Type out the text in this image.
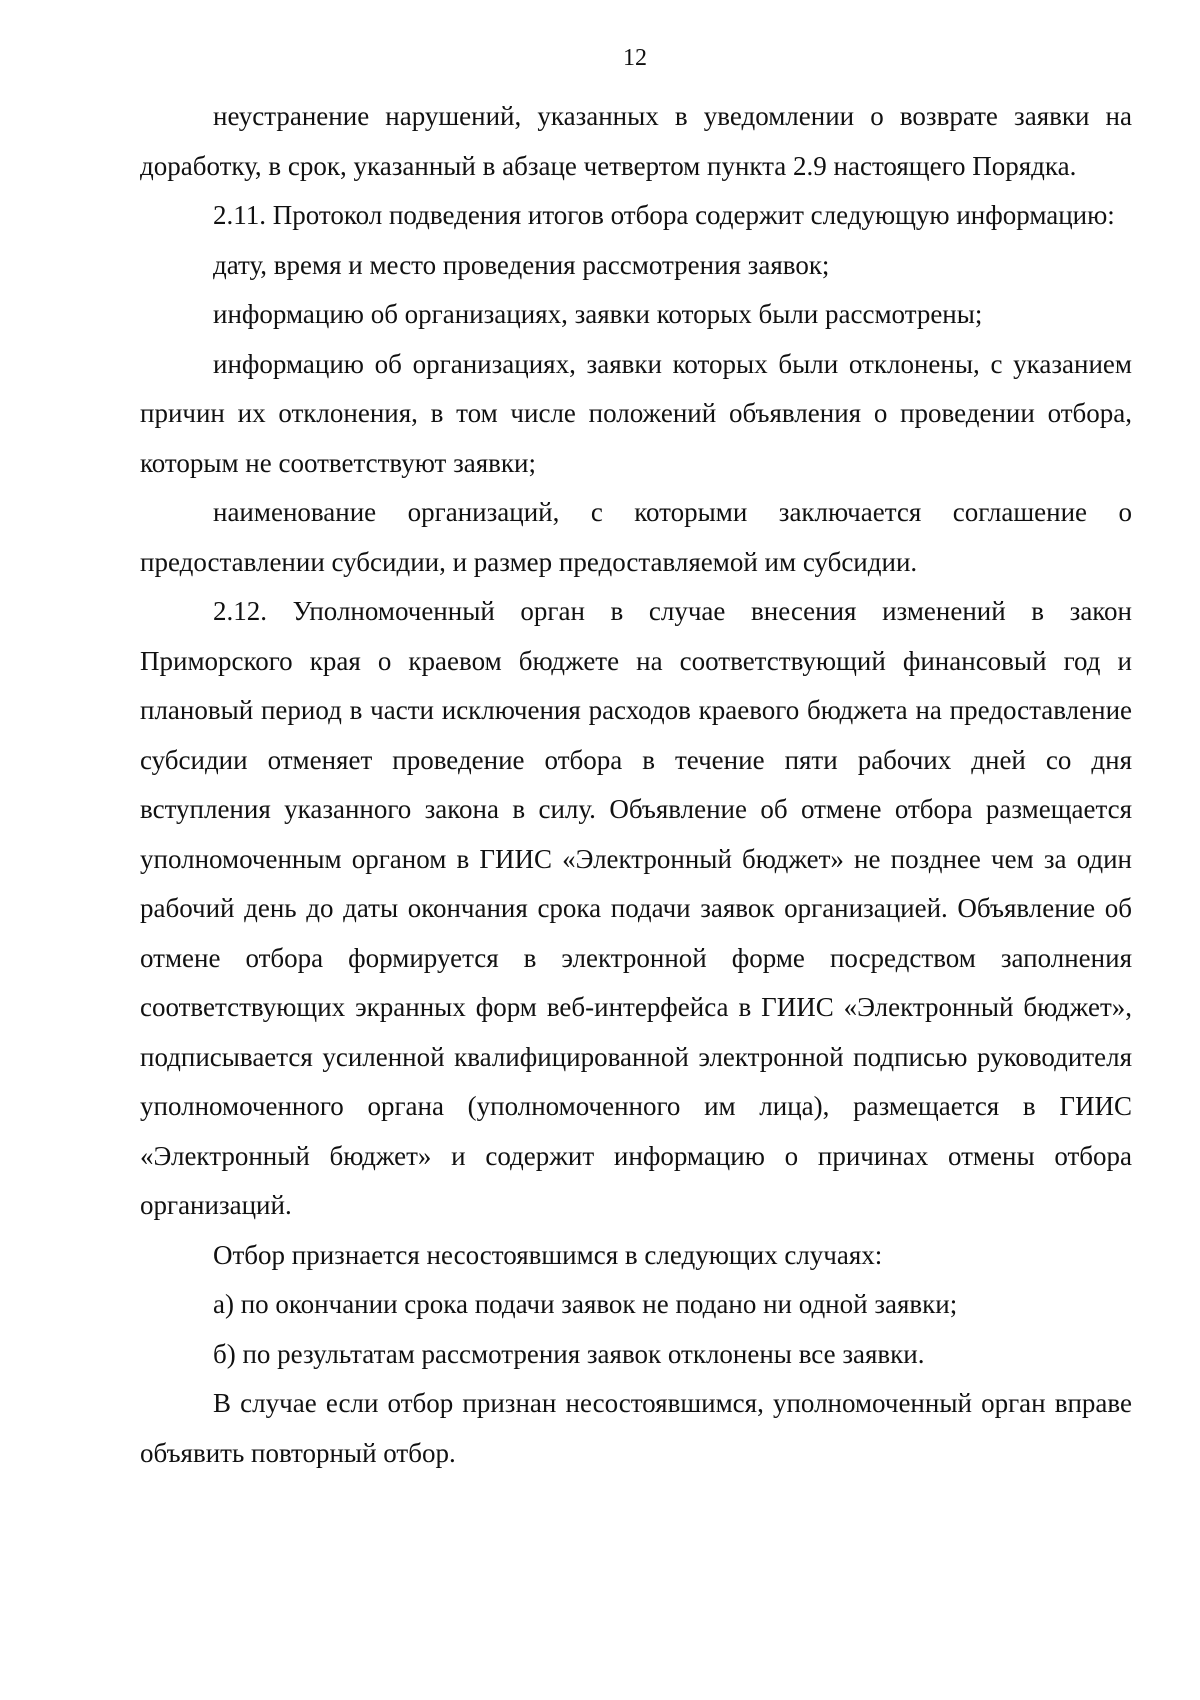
12

неустранение нарушений, указанных в уведомлении о возврате заявки на доработку, в срок, указанный в абзаце четвертом пункта 2.9 настоящего Порядка.

2.11. Протокол подведения итогов отбора содержит следующую информацию:

дату, время и место проведения рассмотрения заявок;

информацию об организациях, заявки которых были рассмотрены;

информацию об организациях, заявки которых были отклонены, с указанием причин их отклонения, в том числе положений объявления о проведении отбора, которым не соответствуют заявки;

наименование организаций, с которыми заключается соглашение о предоставлении субсидии, и размер предоставляемой им субсидии.

2.12. Уполномоченный орган в случае внесения изменений в закон Приморского края о краевом бюджете на соответствующий финансовый год и плановый период в части исключения расходов краевого бюджета на предоставление субсидии отменяет проведение отбора в течение пяти рабочих дней со дня вступления указанного закона в силу. Объявление об отмене отбора размещается уполномоченным органом в ГИИС «Электронный бюджет» не позднее чем за один рабочий день до даты окончания срока подачи заявок организацией. Объявление об отмене отбора формируется в электронной форме посредством заполнения соответствующих экранных форм веб-интерфейса в ГИИС «Электронный бюджет», подписывается усиленной квалифицированной электронной подписью руководителя уполномоченного органа (уполномоченного им лица), размещается в ГИИС «Электронный бюджет» и содержит информацию о причинах отмены отбора организаций.

Отбор признается несостоявшимся в следующих случаях:

а) по окончании срока подачи заявок не подано ни одной заявки;

б) по результатам рассмотрения заявок отклонены все заявки.

В случае если отбор признан несостоявшимся, уполномоченный орган вправе объявить повторный отбор.
